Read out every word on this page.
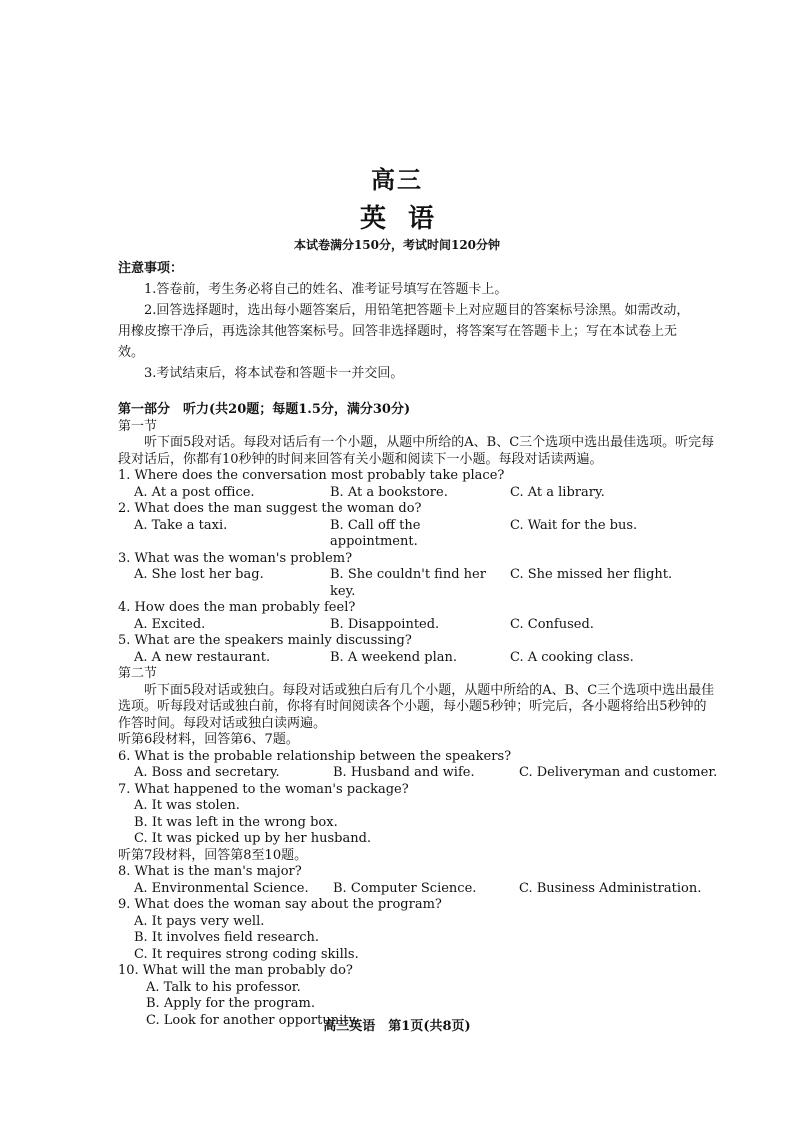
高三
英语
本试卷满分150分，考试时间120分钟
注意事项：

1.答卷前，考生务必将自己的姓名、准考证号填写在答题卡上。

2.回答选择题时，选出每小题答案后，用铅笔把答题卡上对应题目的答案标号涂黑。如需改动，用橡皮擦干净后，再选涂其他答案标号。回答非选择题时，将答案写在答题卡上；写在本试卷上无效。

3.考试结束后，将本试卷和答题卡一并交回。

第一部分　听力(共20题；每题1.5分，满分30分)
第一节
听下面5段对话。每段对话后有一个小题，从题中所给的A、B、C三个选项中选出最佳选项。听完每段对话后，你都有10秒钟的时间来回答有关小题和阅读下一小题。每段对话读两遍。
1. Where does the conversation most probably take place?
A. At a post office.	B. At a bookstore.	C. At a library.
2. What does the man suggest the woman do?
A. Take a taxi.	B. Call off the appointment.
C. Wait for the bus.
3. What was the woman's problem?
A. She lost her bag.	B. She couldn't find her key.
C. She missed her flight.
4. How does the man probably feel?
A. Excited.	B. Disappointed.	C. Confused.
5. What are the speakers mainly discussing?
A. A new restaurant.	B. A weekend plan.	C. A cooking class.
第二节
听下面5段对话或独白。每段对话或独白后有几个小题，从题中所给的A、B、C三个选项中选出最佳选项。听每段对话或独白前，你将有时间阅读各个小题，每小题5秒钟；听完后，各小题将给出5秒钟的作答时间。每段对话或独白读两遍。
听第6段材料，回答第6、7题。
6. What is the probable relationship between the speakers?
A. Boss and secretary.	B. Husband and wife.	C. Deliveryman and customer.
7. What happened to the woman's package?
A. It was stolen.
B. It was left in the wrong box.
C. It was picked up by her husband.
听第7段材料，回答第8至10题。
8. What is the man's major?
A. Environmental Science.	B. Computer Science.	C. Business Administration.
9. What does the woman say about the program?
A. It pays very well.
B. It involves field research.
C. It requires strong coding skills.
10. What will the man probably do?
A. Talk to his professor.
B. Apply for the program.
C. Look for another opportunity.
高三英语　第1页(共8页)
